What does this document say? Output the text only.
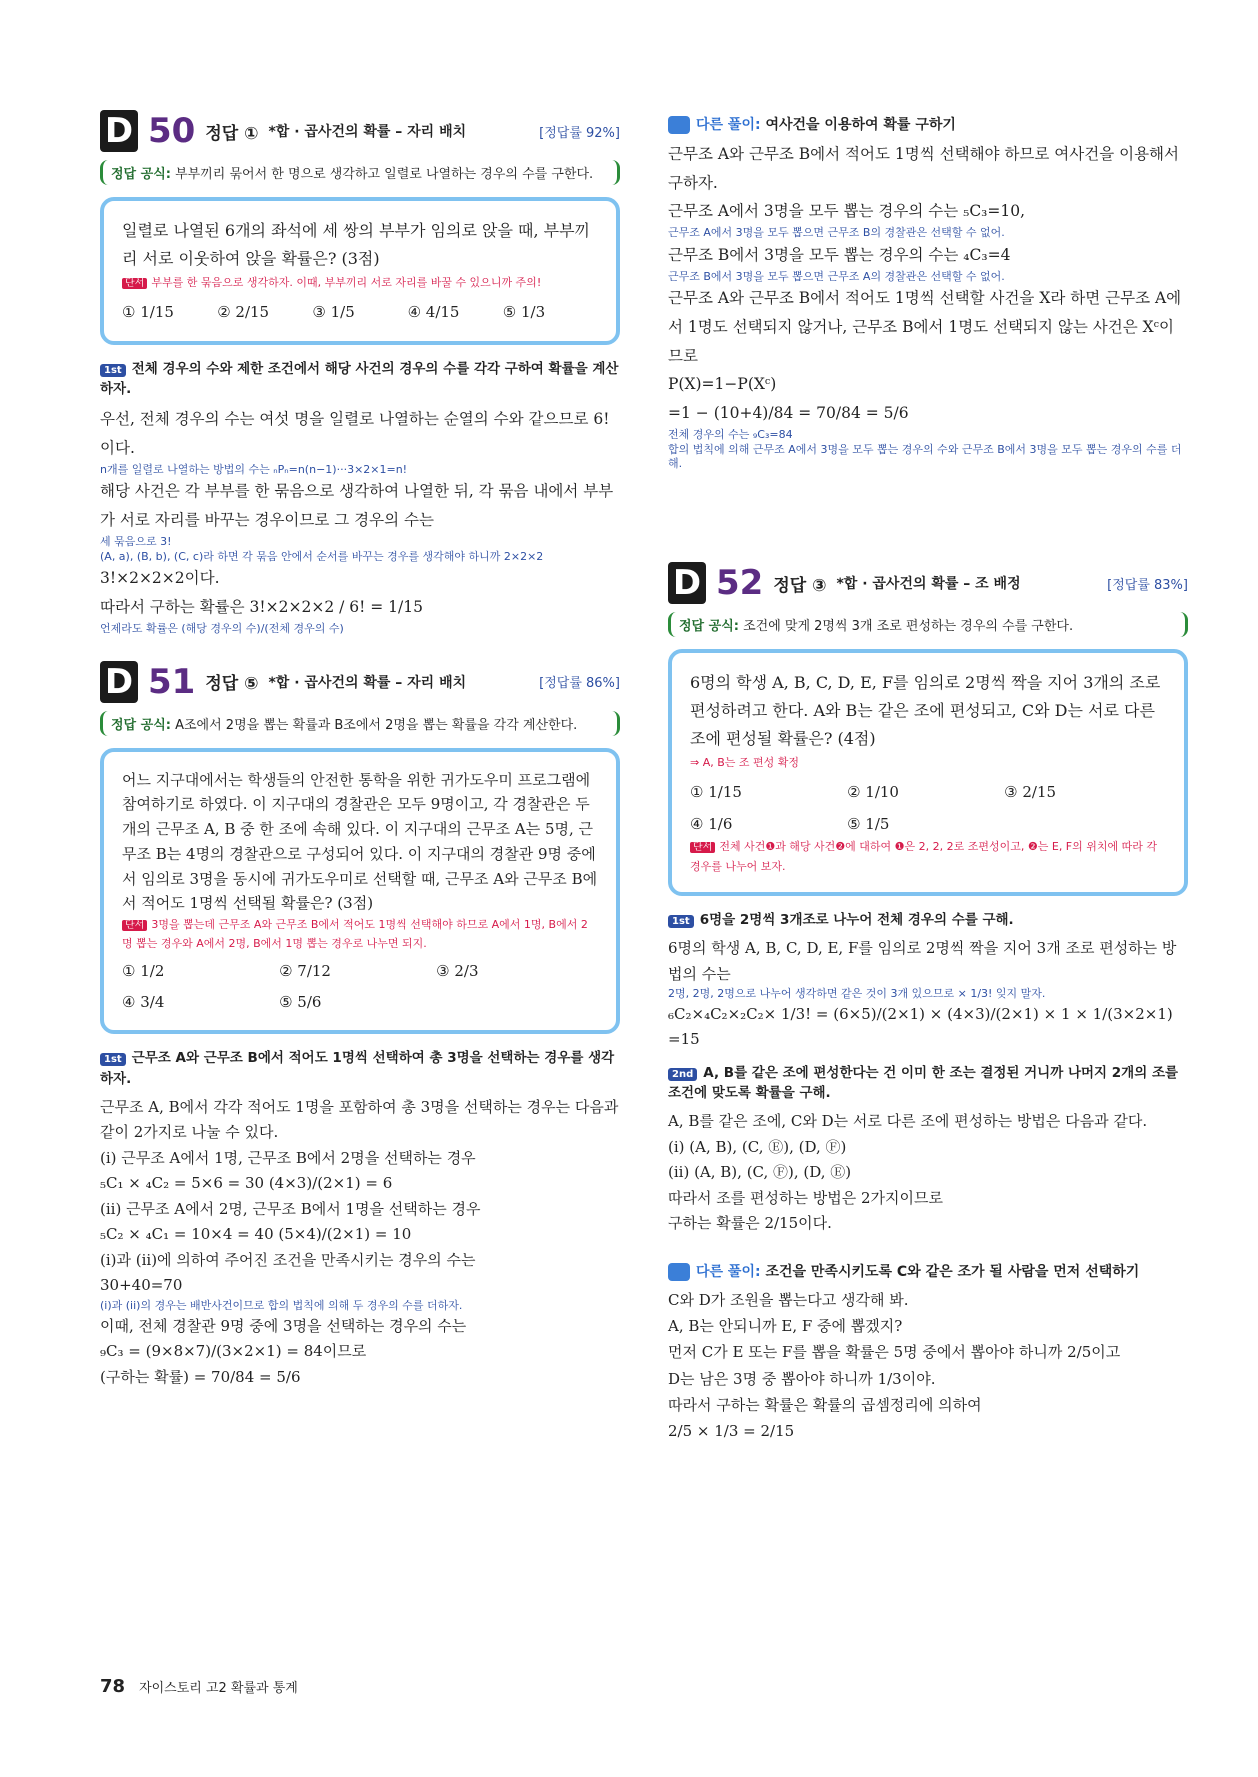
D 50 정답 ① *합 · 곱사건의 확률 – 자리 배치	[정답률 92%]
정답 공식: 부부끼리 묶어서 한 명으로 생각하고 일렬로 나열하는 경우의 수를 구한다.
일렬로 나열된 6개의 좌석에 세 쌍의 부부가 임의로 앉을 때, 부부끼리 서로 이웃하여 앉을 확률은? (3점)
단서 부부를 한 묶음으로 생각하자. 이때, 부부끼리 서로 자리를 바꿀 수 있으니까 주의!
① 1/15	② 2/15	③ 1/5	④ 4/15	⑤ 1/3
1st 전체 경우의 수와 제한 조건에서 해당 사건의 경우의 수를 각각 구하여 확률을 계산하자.
우선, 전체 경우의 수는 여섯 명을 일렬로 나열하는 순열의 수와 같으므로 6!이다.
n개를 일렬로 나열하는 방법의 수는 ₙPₙ=n(n−1)···3×2×1=n!
해당 사건은 각 부부를 한 묶음으로 생각하여 나열한 뒤, 각 묶음 내에서 부부가 서로 자리를 바꾸는 경우이므로 그 경우의 수는
세 묶음으로 3!
(A, a), (B, b), (C, c)라 하면 각 묶음 안에서 순서를 바꾸는 경우를 생각해야 하니까 2×2×2
3!×2×2×2이다.
따라서 구하는 확률은 3!×2×2×2 / 6! = 1/15
언제라도 확률은 (해당 경우의 수)/(전체 경우의 수)
D 51 정답 ⑤ *합 · 곱사건의 확률 – 자리 배치	[정답률 86%]
정답 공식: A조에서 2명을 뽑는 확률과 B조에서 2명을 뽑는 확률을 각각 계산한다.
어느 지구대에서는 학생들의 안전한 통학을 위한 귀가도우미 프로그램에 참여하기로 하였다. 이 지구대의 경찰관은 모두 9명이고, 각 경찰관은 두 개의 근무조 A, B 중 한 조에 속해 있다. 이 지구대의 근무조 A는 5명, 근무조 B는 4명의 경찰관으로 구성되어 있다. 이 지구대의 경찰관 9명 중에서 임의로 3명을 동시에 귀가도우미로 선택할 때, 근무조 A와 근무조 B에서 적어도 1명씩 선택될 확률은? (3점)
단서 3명을 뽑는데 근무조 A와 근무조 B에서 적어도 1명씩 선택해야 하므로 A에서 1명, B에서 2명 뽑는 경우와 A에서 2명, B에서 1명 뽑는 경우로 나누면 되지.
① 1/2	② 7/12	③ 2/3
④ 3/4	⑤ 5/6
1st 근무조 A와 근무조 B에서 적어도 1명씩 선택하여 총 3명을 선택하는 경우를 생각하자.
근무조 A, B에서 각각 적어도 1명을 포함하여 총 3명을 선택하는 경우는 다음과 같이 2가지로 나눌 수 있다.
(i) 근무조 A에서 1명, 근무조 B에서 2명을 선택하는 경우
₅C₁ × ₄C₂ = 5×6 = 30 (4×3)/(2×1) = 6
(ii) 근무조 A에서 2명, 근무조 B에서 1명을 선택하는 경우
₅C₂ × ₄C₁ = 10×4 = 40 (5×4)/(2×1) = 10
(i)과 (ii)에 의하여 주어진 조건을 만족시키는 경우의 수는
30+40=70
(i)과 (ii)의 경우는 배반사건이므로 합의 법칙에 의해 두 경우의 수를 더하자.
이때, 전체 경찰관 9명 중에 3명을 선택하는 경우의 수는
₉C₃ = (9×8×7)/(3×2×1) = 84이므로
(구하는 확률) = 70/84 = 5/6
다른 풀이: 여사건을 이용하여 확률 구하기
근무조 A와 근무조 B에서 적어도 1명씩 선택해야 하므로 여사건을 이용해서 구하자.
근무조 A에서 3명을 모두 뽑는 경우의 수는 ₅C₃=10,
근무조 A에서 3명을 모두 뽑으면 근무조 B의 경찰관은 선택할 수 없어.
근무조 B에서 3명을 모두 뽑는 경우의 수는 ₄C₃=4
근무조 B에서 3명을 모두 뽑으면 근무조 A의 경찰관은 선택할 수 없어.
근무조 A와 근무조 B에서 적어도 1명씩 선택할 사건을 X라 하면 근무조 A에서 1명도 선택되지 않거나, 근무조 B에서 1명도 선택되지 않는 사건은 Xᶜ이므로
P(X)=1−P(Xᶜ)
=1 − (10+4)/84 = 70/84 = 5/6
전체 경우의 수는 ₉C₃=84
합의 법칙에 의해 근무조 A에서 3명을 모두 뽑는 경우의 수와 근무조 B에서 3명을 모두 뽑는 경우의 수를 더해.
D 52 정답 ③ *합 · 곱사건의 확률 – 조 배정	[정답률 83%]
정답 공식: 조건에 맞게 2명씩 3개 조로 편성하는 경우의 수를 구한다.
6명의 학생 A, B, C, D, E, F를 임의로 2명씩 짝을 지어 3개의 조로 편성하려고 한다. A와 B는 같은 조에 편성되고, C와 D는 서로 다른 조에 편성될 확률은? (4점)
⇒ A, B는 조 편성 확정
① 1/15	② 1/10	③ 2/15
④ 1/6	⑤ 1/5
단서 전체 사건❶과 해당 사건❷에 대하여 ❶은 2, 2, 2로 조편성이고, ❷는 E, F의 위치에 따라 각 경우를 나누어 보자.
1st 6명을 2명씩 3개조로 나누어 전체 경우의 수를 구해.
6명의 학생 A, B, C, D, E, F를 임의로 2명씩 짝을 지어 3개 조로 편성하는 방법의 수는
2명, 2명, 2명으로 나누어 생각하면 같은 것이 3개 있으므로 × 1/3! 잊지 말자.
₆C₂×₄C₂×₂C₂× 1/3! = (6×5)/(2×1) × (4×3)/(2×1) × 1 × 1/(3×2×1)
=15
2nd A, B를 같은 조에 편성한다는 건 이미 한 조는 결정된 거니까 나머지 2개의 조를 조건에 맞도록 확률을 구해.
A, B를 같은 조에, C와 D는 서로 다른 조에 편성하는 방법은 다음과 같다.
(i) (A, B), (C, Ⓔ), (D, Ⓕ)
(ii) (A, B), (C, Ⓕ), (D, Ⓔ)
따라서 조를 편성하는 방법은 2가지이므로
구하는 확률은 2/15이다.
다른 풀이: 조건을 만족시키도록 C와 같은 조가 될 사람을 먼저 선택하기
C와 D가 조원을 뽑는다고 생각해 봐.
A, B는 안되니까 E, F 중에 뽑겠지?
먼저 C가 E 또는 F를 뽑을 확률은 5명 중에서 뽑아야 하니까 2/5이고
D는 남은 3명 중 뽑아야 하니까 1/3이야.
따라서 구하는 확률은 확률의 곱셈정리에 의하여
2/5 × 1/3 = 2/15
78 자이스토리 고2 확률과 통계
